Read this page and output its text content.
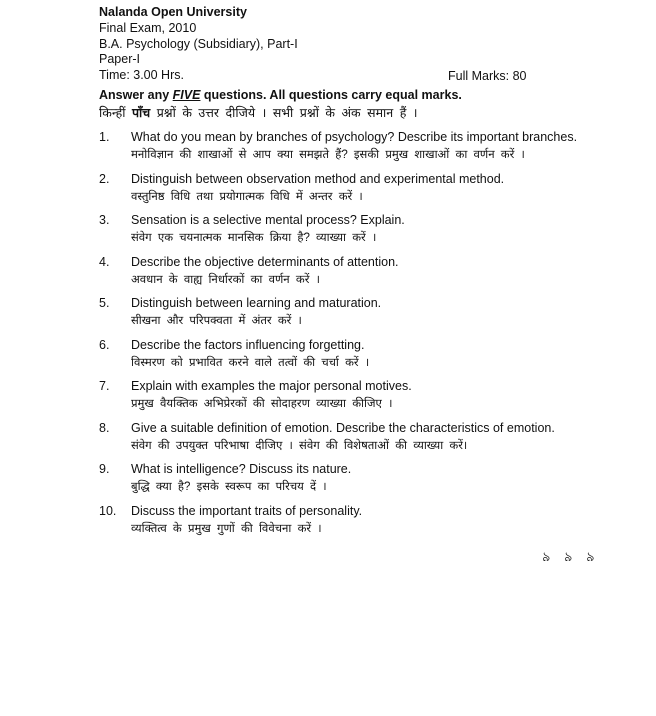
Nalanda Open University
Final Exam, 2010
B.A. Psychology (Subsidiary), Part-I
Paper-I
Time: 3.00 Hrs.	Full Marks: 80
Answer any FIVE questions. All questions carry equal marks.
किन्हीं पाँच प्रश्नों के उत्तर दीजिये । सभी प्रश्नों के अंक समान हैं ।
1. What do you mean by branches of psychology? Describe its important branches.
मनोविज्ञान की शाखाओं से आप क्या समझते हैं? इसकी प्रमुख शाखाओं का वर्णन करें ।
2. Distinguish between observation method and experimental method.
वस्तुनिष्ठ विधि तथा प्रयोगात्मक विधि में अन्तर करें ।
3. Sensation is a selective mental process? Explain.
संवेग एक चयनात्मक मानसिक क्रिया है? व्याख्या करें ।
4. Describe the objective determinants of attention.
अवधान के वाह्य निर्धारकों का वर्णन करें ।
5. Distinguish between learning and maturation.
सीखना और परिपक्वता में अंतर करें ।
6. Describe the factors influencing forgetting.
विस्मरण को प्रभावित करने वाले तत्वों की चर्चा करें ।
7. Explain with examples the major personal motives.
प्रमुख वैयक्तिक अभिप्रेरकों की सोदाहरण व्याख्या कीजिए ।
8. Give a suitable definition of emotion. Describe the characteristics of emotion.
संवेग की उपयुक्त परिभाषा दीजिए । संवेग की विशेषताओं की व्याख्या करें।
9. What is intelligence? Discuss its nature.
बुद्धि क्या है? इसके स्वरूप का परिचय दें ।
10. Discuss the important traits of personality.
व्यक्तित्व के प्रमुख गुणों की विवेचना करें ।
৯ ৯ ৯
